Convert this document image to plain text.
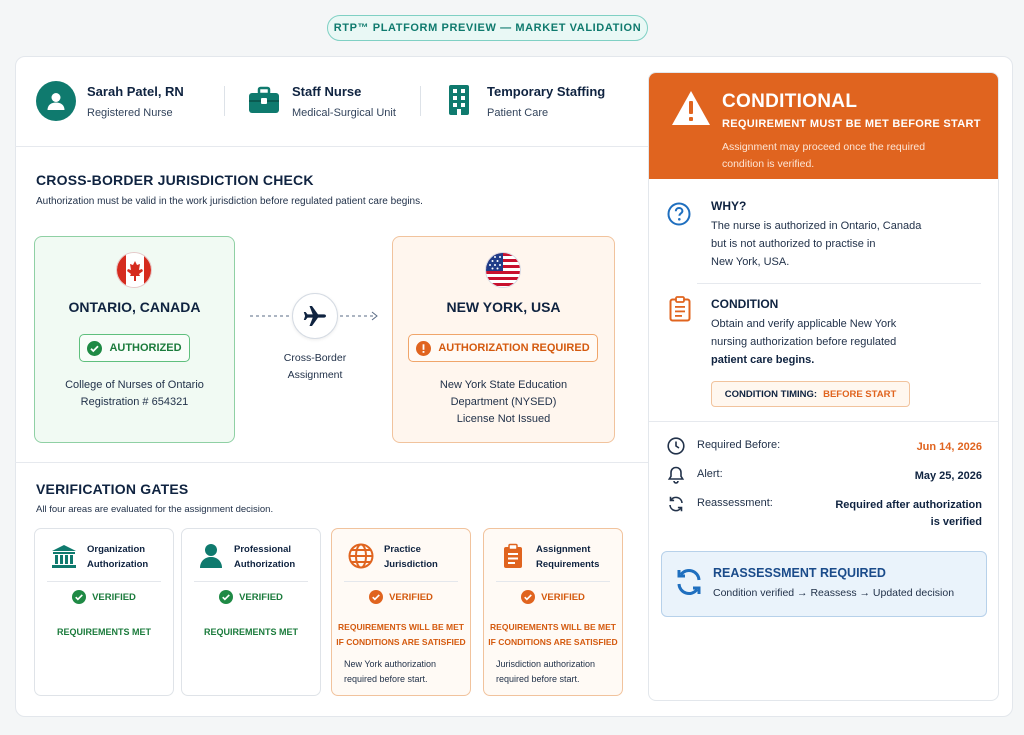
RTP™ PLATFORM PREVIEW — MARKET VALIDATION
Sarah Patel, RN
Registered Nurse
Staff Nurse
Medical-Surgical Unit
Temporary Staffing
Patient Care
CROSS-BORDER JURISDICTION CHECK
Authorization must be valid in the work jurisdiction before regulated patient care begins.
ONTARIO, CANADA
AUTHORIZED
College of Nurses of Ontario
Registration # 654321
Cross-Border
Assignment
NEW YORK, USA
AUTHORIZATION REQUIRED
New York State Education
Department (NYSED)
License Not Issued
VERIFICATION GATES
All four areas are evaluated for the assignment decision.
Organization
Authorization
VERIFIED
REQUIREMENTS MET
Professional
Authorization
VERIFIED
REQUIREMENTS MET
Practice
Jurisdiction
VERIFIED
REQUIREMENTS WILL BE MET
IF CONDITIONS ARE SATISFIED
New York authorization
required before start.
Assignment
Requirements
VERIFIED
REQUIREMENTS WILL BE MET
IF CONDITIONS ARE SATISFIED
Jurisdiction authorization
required before start.
CONDITIONAL
REQUIREMENT MUST BE MET BEFORE START
Assignment may proceed once the required
condition is verified.
WHY?
The nurse is authorized in Ontario, Canada
but is not authorized to practise in
New York, USA.
CONDITION
Obtain and verify applicable New York
nursing authorization before regulated
patient care begins.
CONDITION TIMING: BEFORE START
Required Before:	Jun 14, 2026
Alert:	May 25, 2026
Reassessment:	Required after authorization
is verified
REASSESSMENT REQUIRED
Condition verified → Reassess → Updated decision
